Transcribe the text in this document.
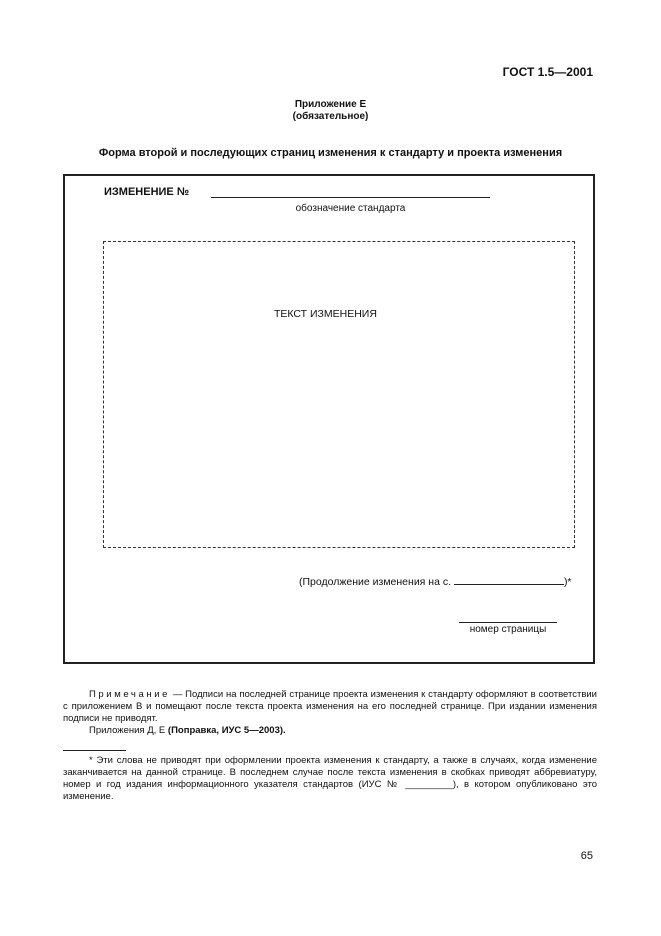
ГОСТ 1.5—2001
Приложение Е
(обязательное)
Форма второй и последующих страниц изменения к стандарту и проекта изменения
ИЗМЕНЕНИЕ №
обозначение стандарта
ТЕКСТ ИЗМЕНЕНИЯ
(Продолжение изменения на с.	)*
номер страницы

Примечание — Подписи на последней странице проекта изменения к стандарту оформляют в соответствии с приложением В и помещают после текста проекта изменения на его последней странице. При издании изменения подписи не приводят.

Приложения Д, Е (Поправка, ИУС 5—2003).

* Эти слова не приводят при оформлении проекта изменения к стандарту, а также в случаях, когда изменение заканчивается на данной странице. В последнем случае после текста изменения в скобках приводят аббревиатуру, номер и год издания информационного указателя стандартов (ИУС № _________), в котором опубликовано это изменение.

65
